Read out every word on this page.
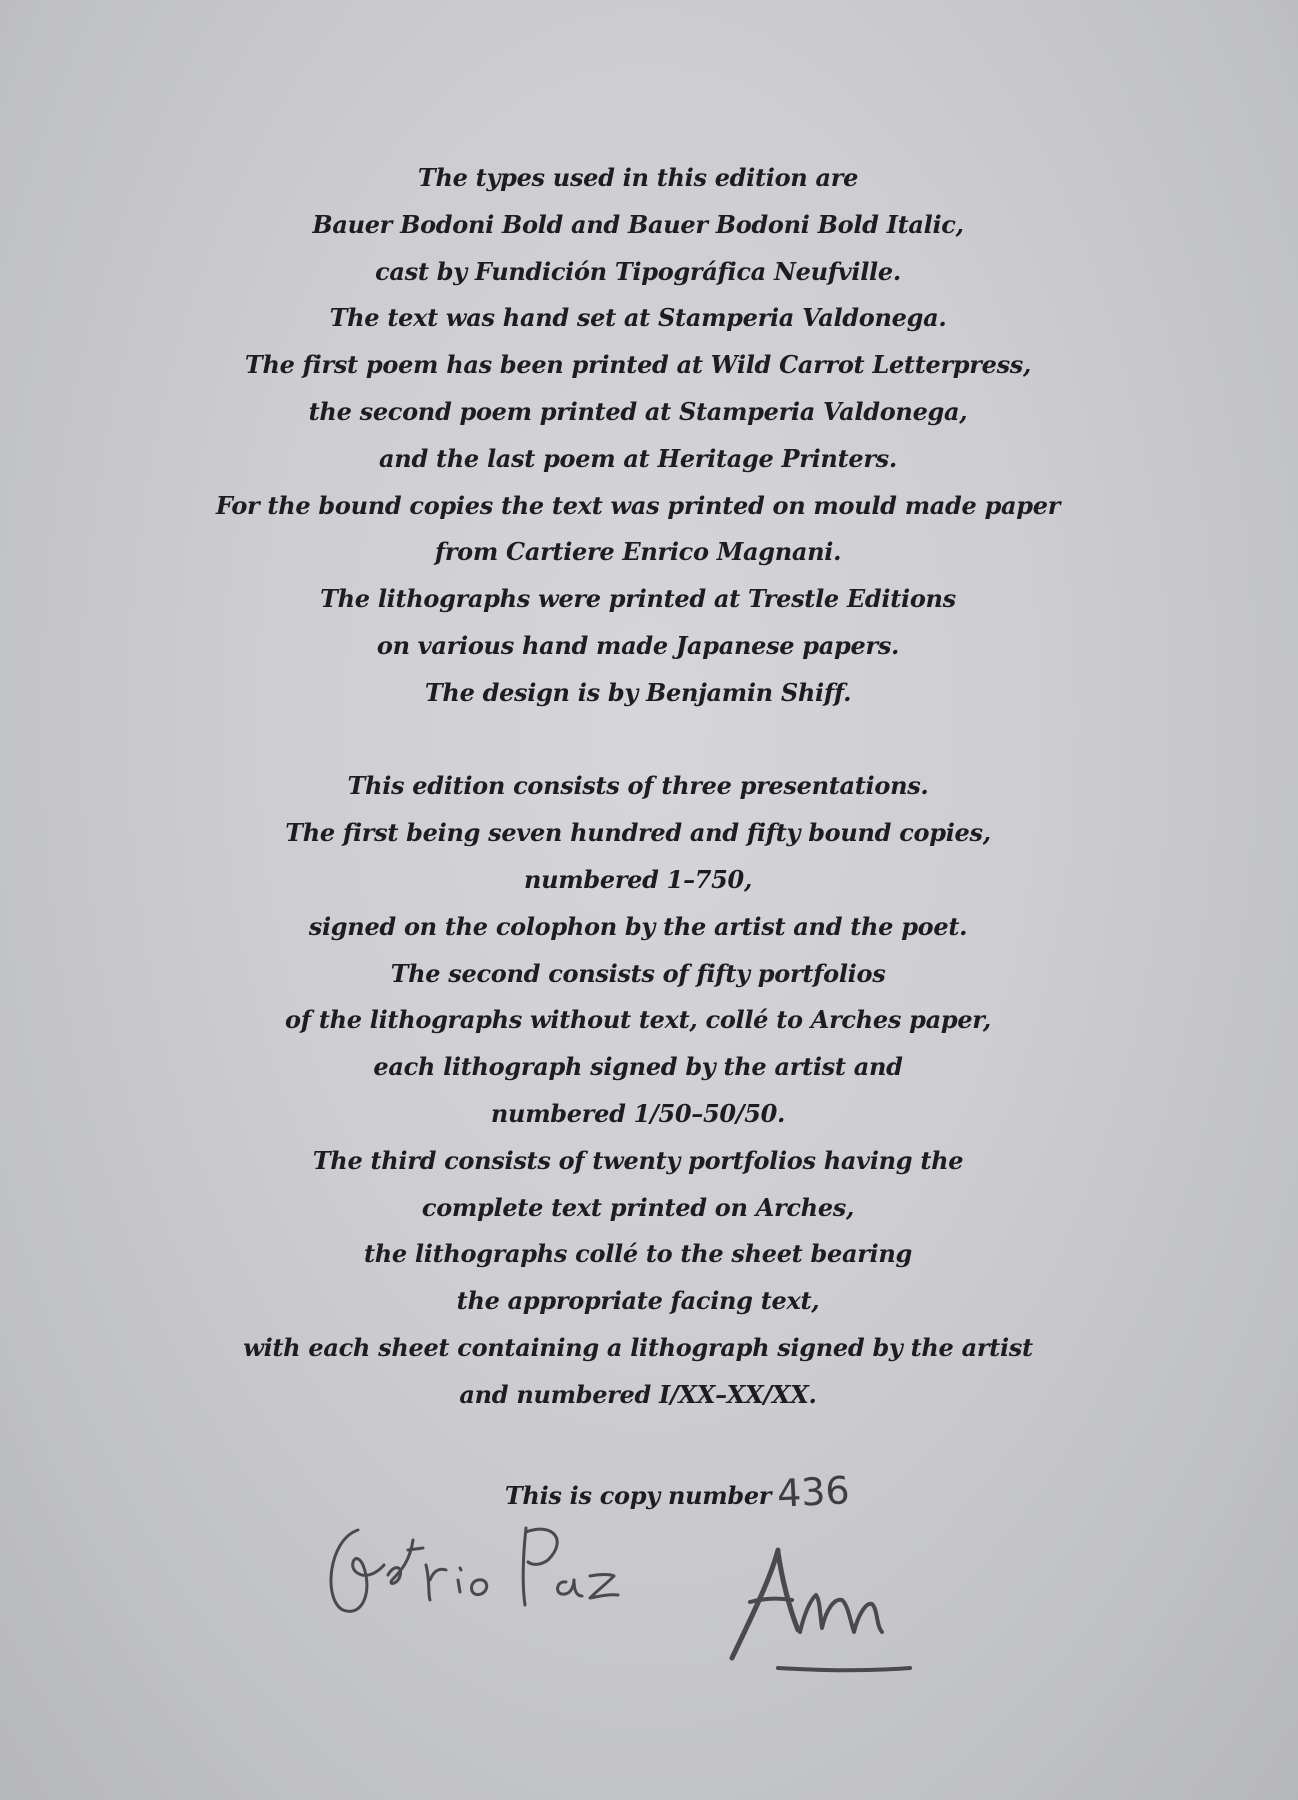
The types used in this edition are

Bauer Bodoni Bold and Bauer Bodoni Bold Italic,

cast by Fundición Tipográfica Neufville.

The text was hand set at Stamperia Valdonega.

The first poem has been printed at Wild Carrot Letterpress,

the second poem printed at Stamperia Valdonega,

and the last poem at Heritage Printers.

For the bound copies the text was printed on mould made paper

from Cartiere Enrico Magnani.

The lithographs were printed at Trestle Editions

on various hand made Japanese papers.

The design is by Benjamin Shiff.

This edition consists of three presentations.

The first being seven hundred and fifty bound copies,

numbered 1–750,

signed on the colophon by the artist and the poet.

The second consists of fifty portfolios

of the lithographs without text, collé to Arches paper,

each lithograph signed by the artist and

numbered 1/50–50/50.

The third consists of twenty portfolios having the

complete text printed on Arches,

the lithographs collé to the sheet bearing

the appropriate facing text,

with each sheet containing a lithograph signed by the artist

and numbered I/XX–XX/XX.

This is copy number 436
